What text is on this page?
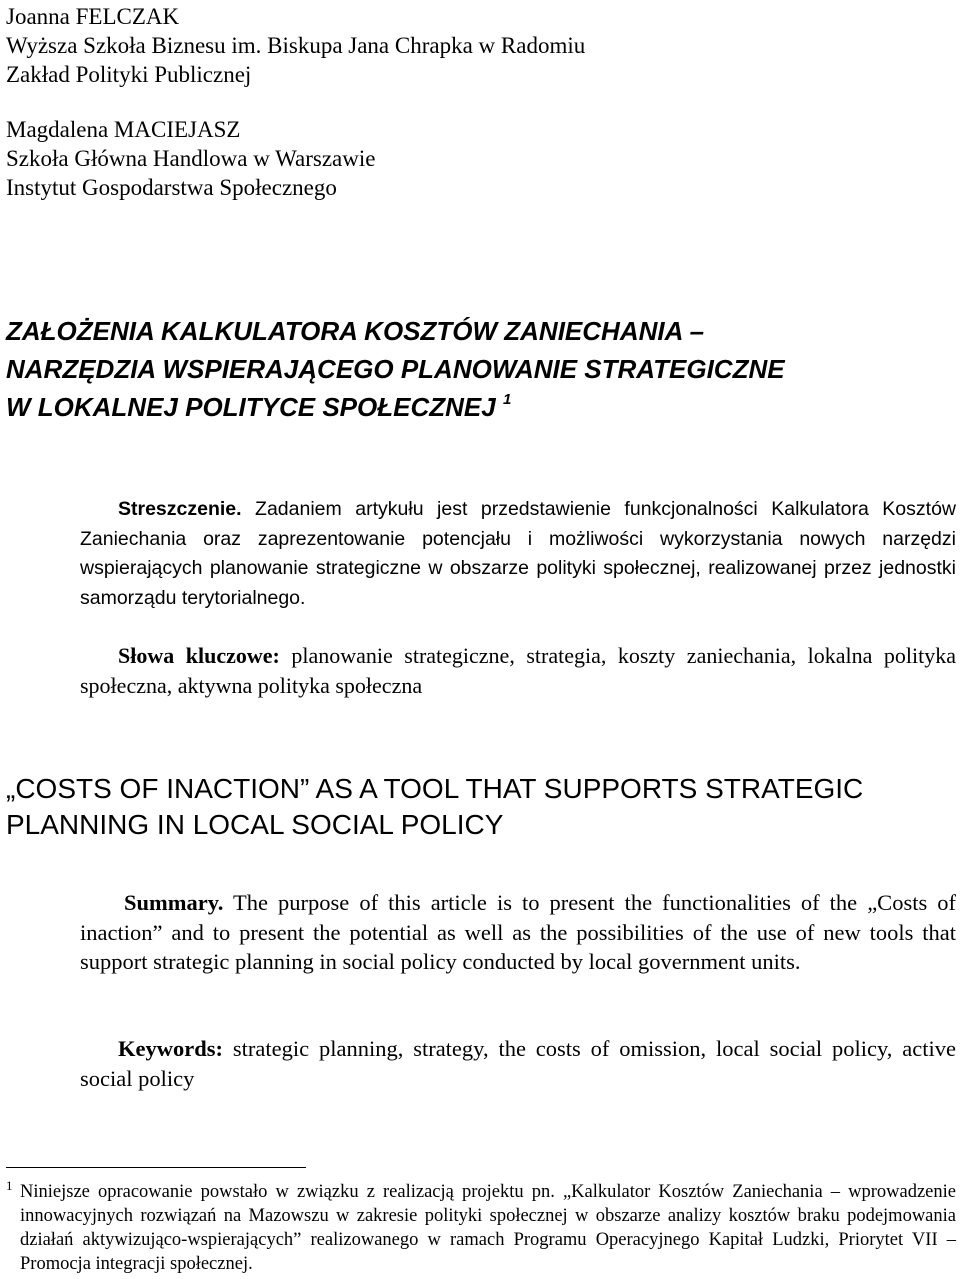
Joanna FELCZAK
Wyższa Szkoła Biznesu im. Biskupa Jana Chrapka w Radomiu
Zakład Polityki Publicznej
Magdalena MACIEJASZ
Szkoła Główna Handlowa w Warszawie
Instytut Gospodarstwa Społecznego
ZAŁOŻENIA KALKULATORA KOSZTÓW ZANIECHANIA –
NARZĘDZIA WSPIERAJĄCEGO PLANOWANIE STRATEGICZNE
W LOKALNEJ POLITYCE SPOŁECZNEJ $^1$

Streszczenie. Zadaniem artykułu jest przedstawienie funkcjonalności Kalkulatora Kosztów Zaniechania oraz zaprezentowanie potencjału i możliwości wykorzystania nowych narzędzi wspierających planowanie strategiczne w obszarze polityki społecznej, realizowanej przez jednostki samorządu terytorialnego.

Słowa kluczowe: planowanie strategiczne, strategia, koszty zaniechania, lokalna polityka społeczna, aktywna polityka społeczna

„COSTS OF INACTION” AS A TOOL THAT SUPPORTS STRATEGIC
PLANNING IN LOCAL SOCIAL POLICY

Summary. The purpose of this article is to present the functionalities of the „Costs of inaction” and to present the potential as well as the possibilities of the use of new tools that support strategic planning in social policy conducted by local government units.

Keywords: strategic planning, strategy, the costs of omission, local social policy, active social policy

1 Niniejsze opracowanie powstało w związku z realizacją projektu pn. „Kalkulator Kosztów Zaniechania – wprowadzenie innowacyjnych rozwiązań na Mazowszu w zakresie polityki społecznej w obszarze analizy kosztów braku podejmowania działań aktywizująco-wspierających” realizowanego w ramach Programu Operacyjnego Kapitał Ludzki, Priorytet VII – Promocja integracji społecznej.
